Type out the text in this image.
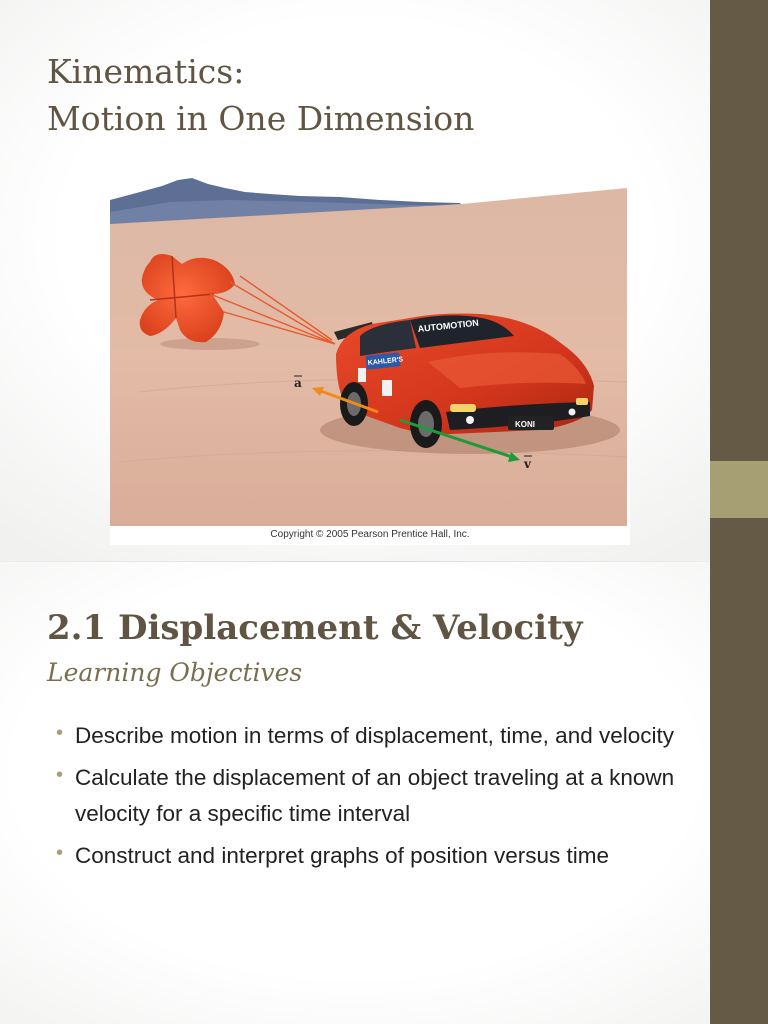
Kinematics:
Motion in One Dimension
AUTOMOTION
KAHLER'S
KONI
a
v
Copyright © 2005 Pearson Prentice Hall, Inc.
2.1 Displacement & Velocity
Learning Objectives
• Describe motion in terms of displacement, time, and velocity
• Calculate the displacement of an object traveling at a known velocity for a specific time interval
• Construct and interpret graphs of position versus time
